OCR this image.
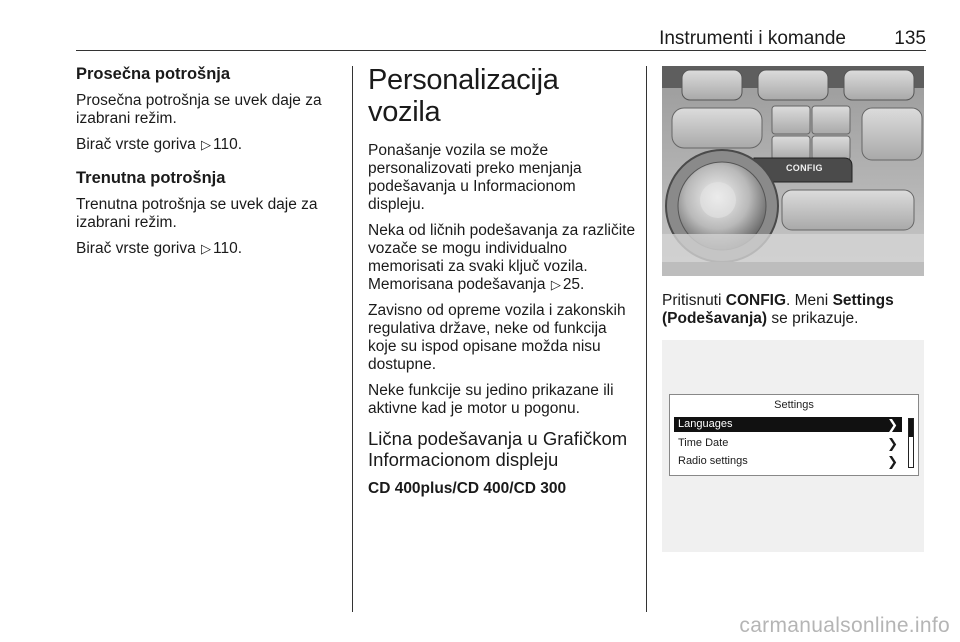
Instrumenti i komande	135
Prosečna potrošnja

Prosečna potrošnja se uvek daje za izabrani režim.

Birač vrste goriva ▷ 110.

Trenutna potrošnja

Trenutna potrošnja se uvek daje za izabrani režim.

Birač vrste goriva ▷ 110.

Personalizacija vozila

Ponašanje vozila se može personalizovati preko menjanja podešavanja u Informacionom displeju.

Neka od ličnih podešavanja za različite vozače se mogu individualno memorisati za svaki ključ vozila. Memorisana podešavanja ▷ 25.

Zavisno od opreme vozila i zakonskih regulativa države, neke od funkcija koje su ispod opisane možda nisu dostupne.

Neke funkcije su jedino prikazane ili aktivne kad je motor u pogonu.

Lična podešavanja u Grafičkom Informacionom displeju
CD 400plus/CD 400/CD 300
CONFIG
Pritisnuti CONFIG. Meni Settings (Podešavanja) se prikazuje.
Settings
Languages	❯
Time Date	❯
Radio settings	❯
carmanualsonline.info
